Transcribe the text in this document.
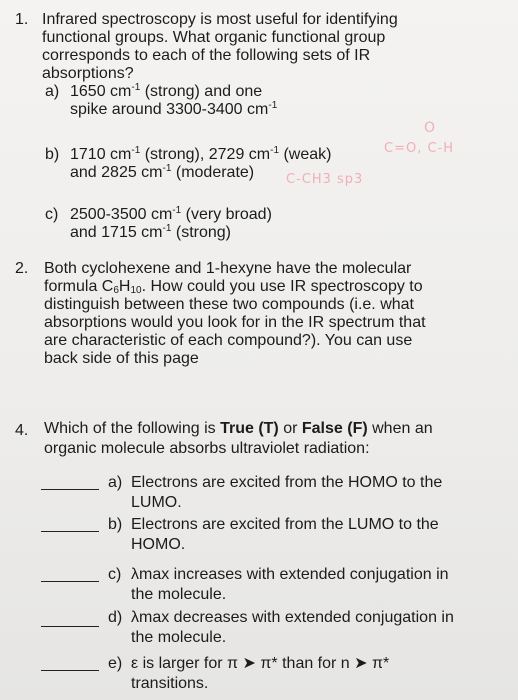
1. Infrared spectroscopy is most useful for identifying
functional groups. What organic functional group
corresponds to each of the following sets of IR
absorptions?
a) 1650 $cm^{-1}$ (strong) and one
spike around 3300-3400 $cm^{-1}$
b) 1710 $cm^{-1}$ (strong), 2729 $cm^{-1}$ (weak)
and 2825 $cm^{-1}$ (moderate)
O
C=O, C-H
C-CH3 sp3
c) 2500-3500 $cm^{-1}$ (very broad)
and 1715 $cm^{-1}$ (strong)
2. Both cyclohexene and 1-hexyne have the molecular
formula $C_6H_{10}$. How could you use IR spectroscopy to
distinguish between these two compounds (i.e. what
absorptions would you look for in the IR spectrum that
are characteristic of each compound?). You can use
back side of this page
4. Which of the following is True (T) or False (F) when an
organic molecule absorbs ultraviolet radiation:
a) Electrons are excited from the HOMO to the
LUMO.
b) Electrons are excited from the LUMO to the
HOMO.
c) λmax increases with extended conjugation in
the molecule.
d) λmax decreases with extended conjugation in
the molecule.
e) ε is larger for π ➤ π* than for n ➤ π*
transitions.
